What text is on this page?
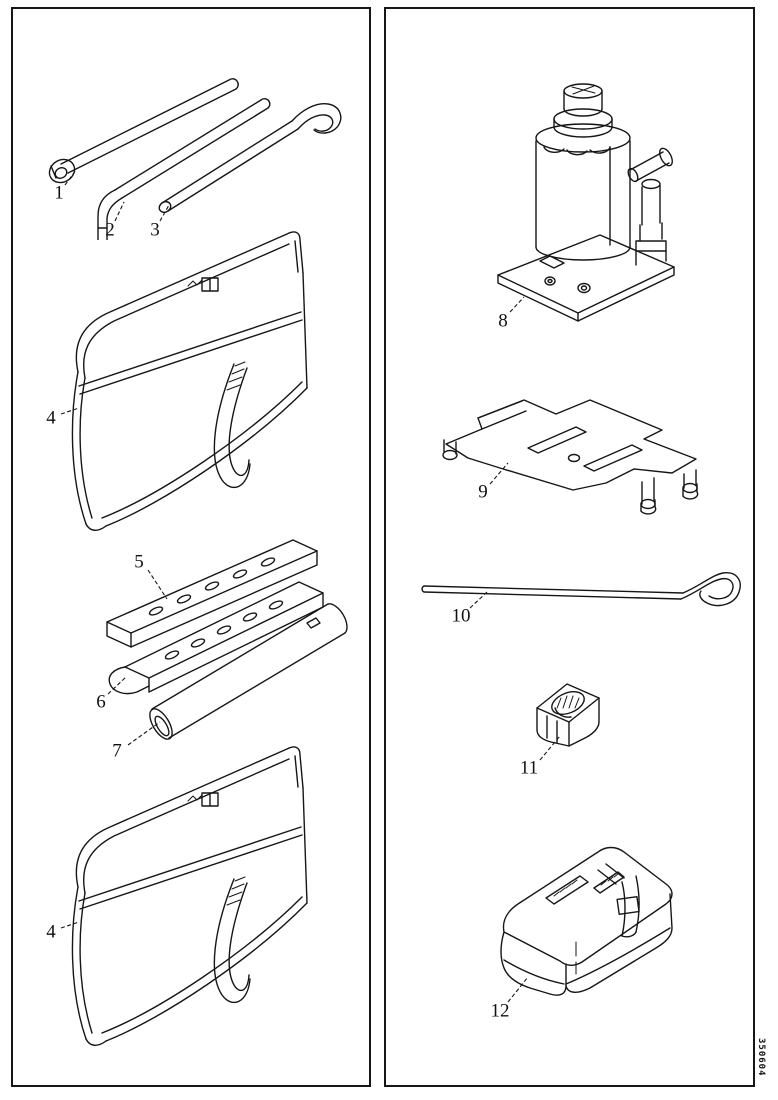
1
2 3
4
5
6
7
4
8
9
10
11
12
350604
